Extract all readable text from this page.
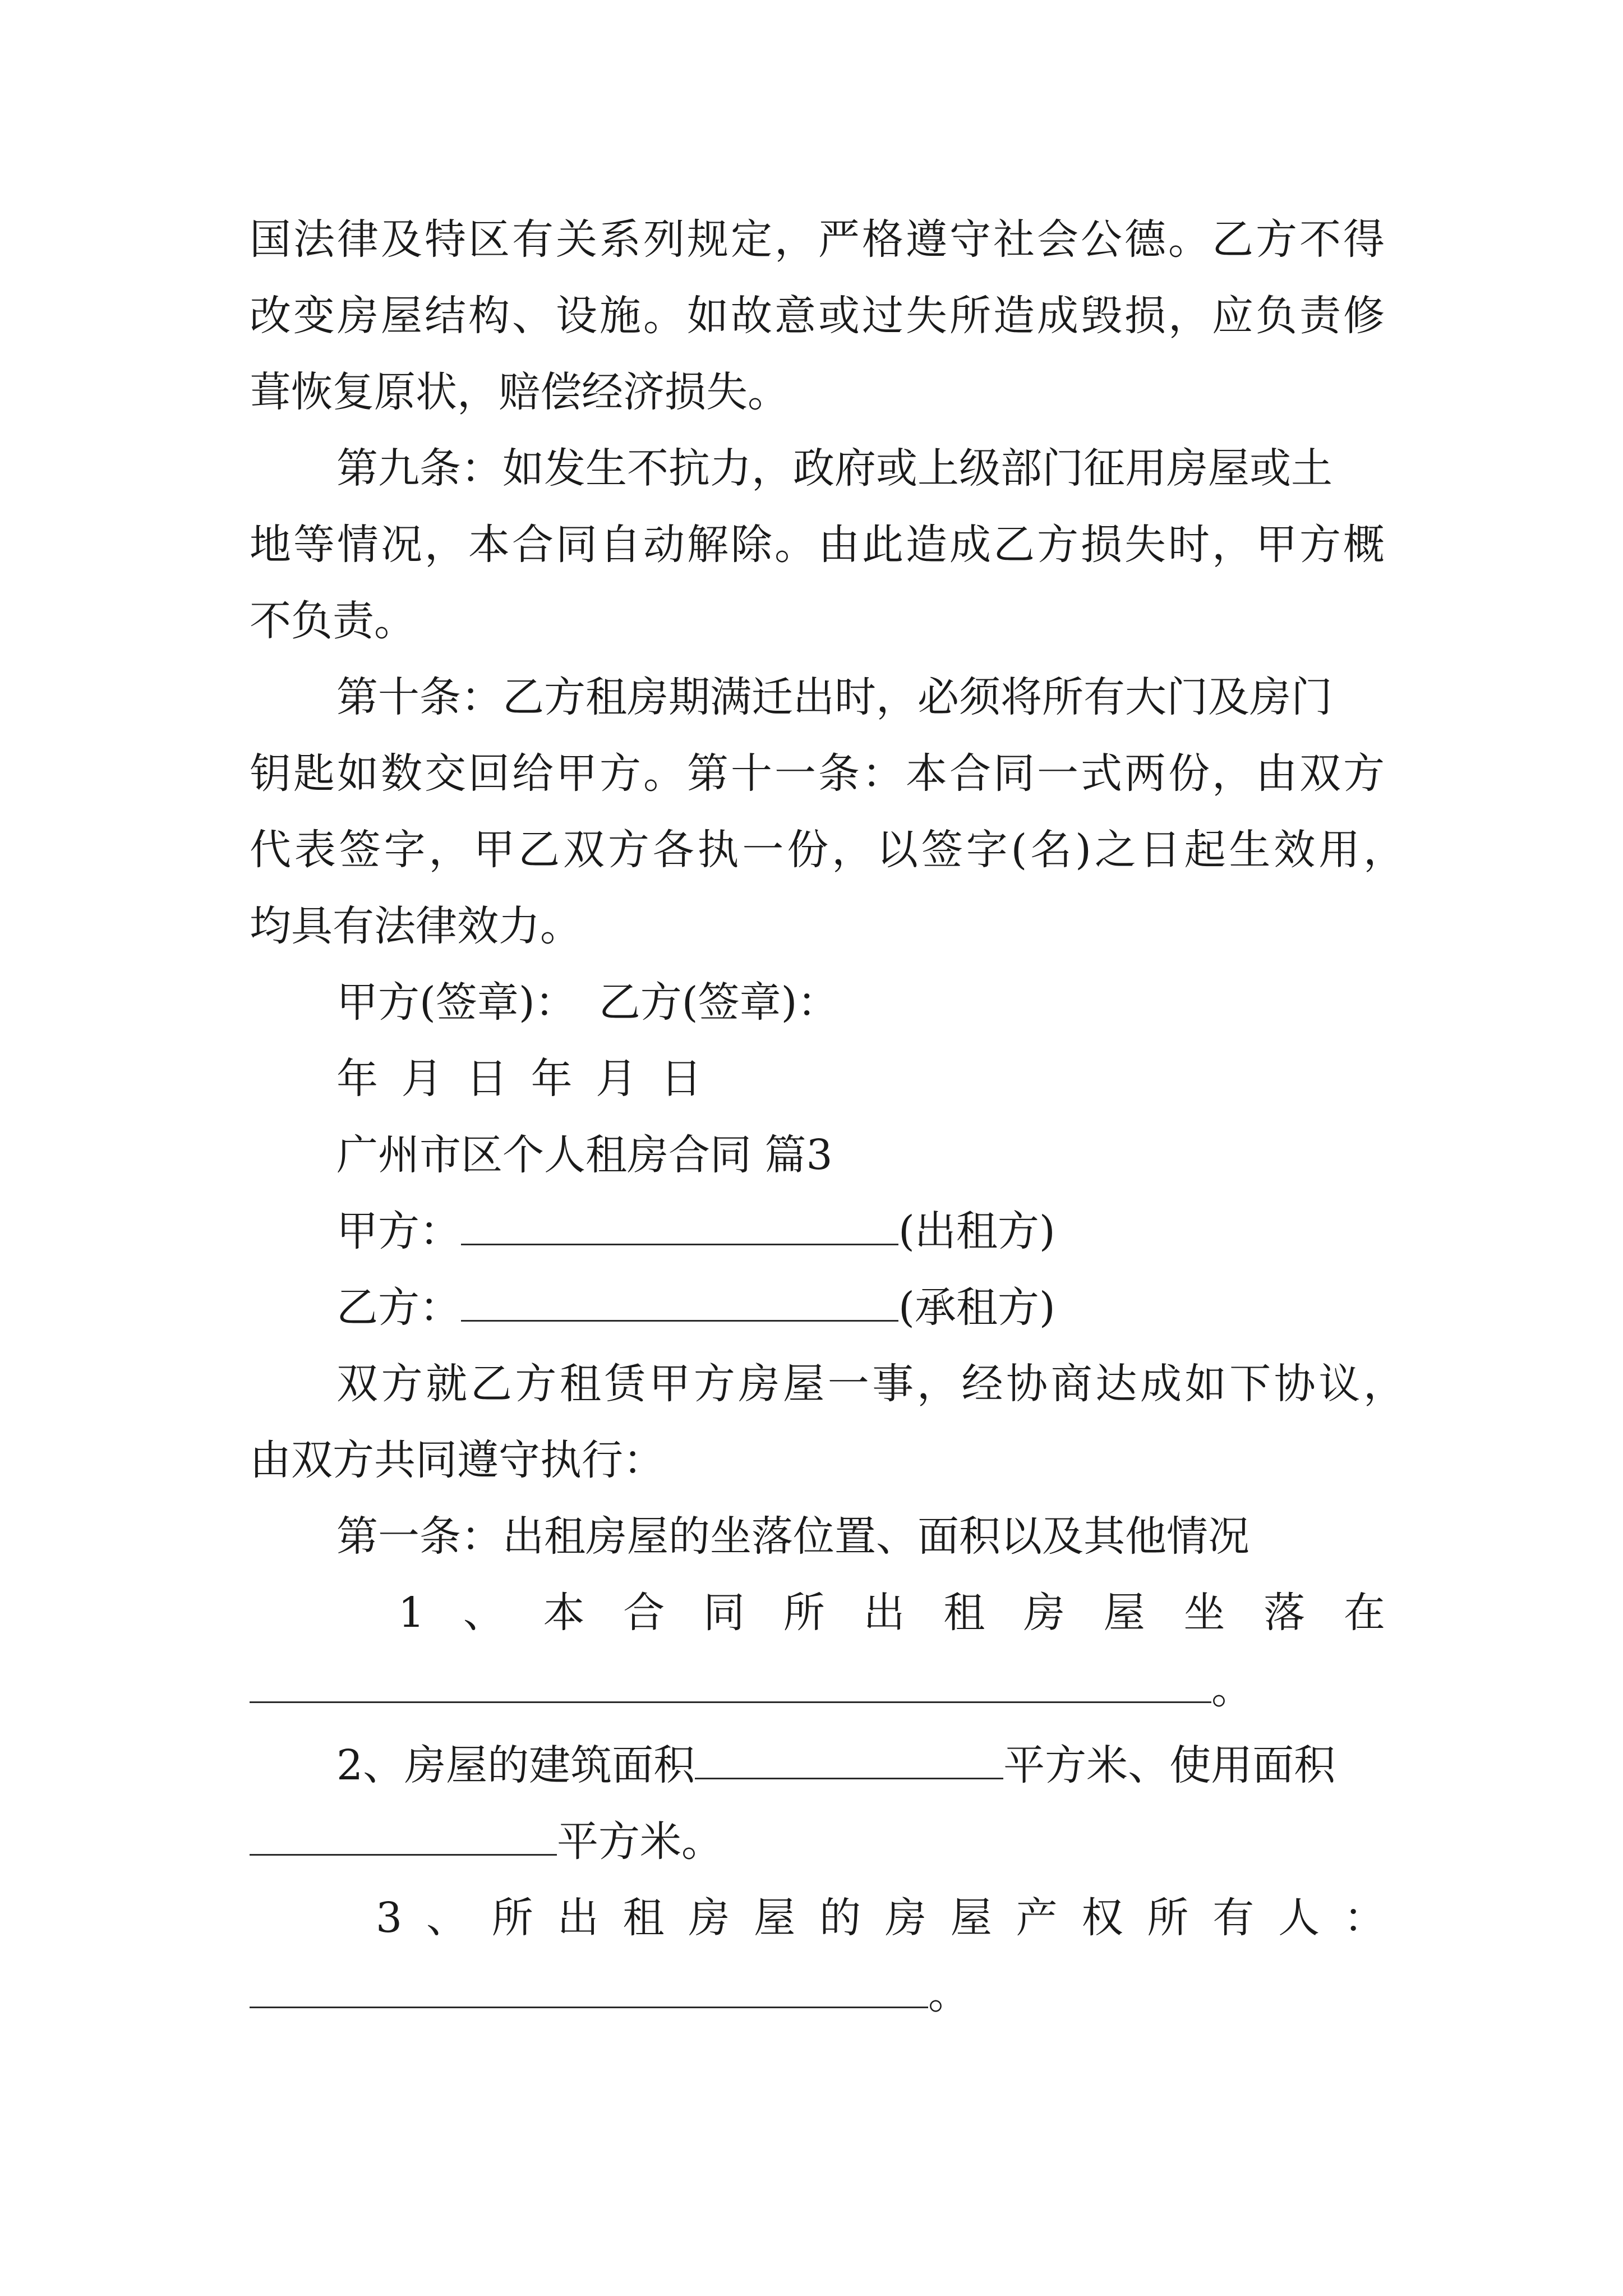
国法律及特区有关系列规定，严格遵守社会公德。乙方不得
改变房屋结构、设施。如故意或过失所造成毁损，应负责修
葺恢复原状，赔偿经济损失。
第九条：如发生不抗力，政府或上级部门征用房屋或土
地等情况，本合同自动解除。由此造成乙方损失时，甲方概
不负责。
第十条：乙方租房期满迁出时，必须将所有大门及房门
钥匙如数交回给甲方。第十一条：本合同一式两份，由双方
代表签字，甲乙双方各执一份，以签字(名)之日起生效用，
均具有法律效力。
甲方(签章)： 乙方(签章)：
年 月 日 年 月 日
广州市区个人租房合同 篇3
甲方：	(出租方)
乙方：	(承租方)
双方就乙方租赁甲方房屋一事，经协商达成如下协议，
由双方共同遵守执行：
第一条：出租房屋的坐落位置、面积以及其他情况
1、本合同所出租房屋坐落在
。
2、房屋的建筑面积	平方米、使用面积
平方米。
3、所出租房屋的房屋产权所有人：
。
